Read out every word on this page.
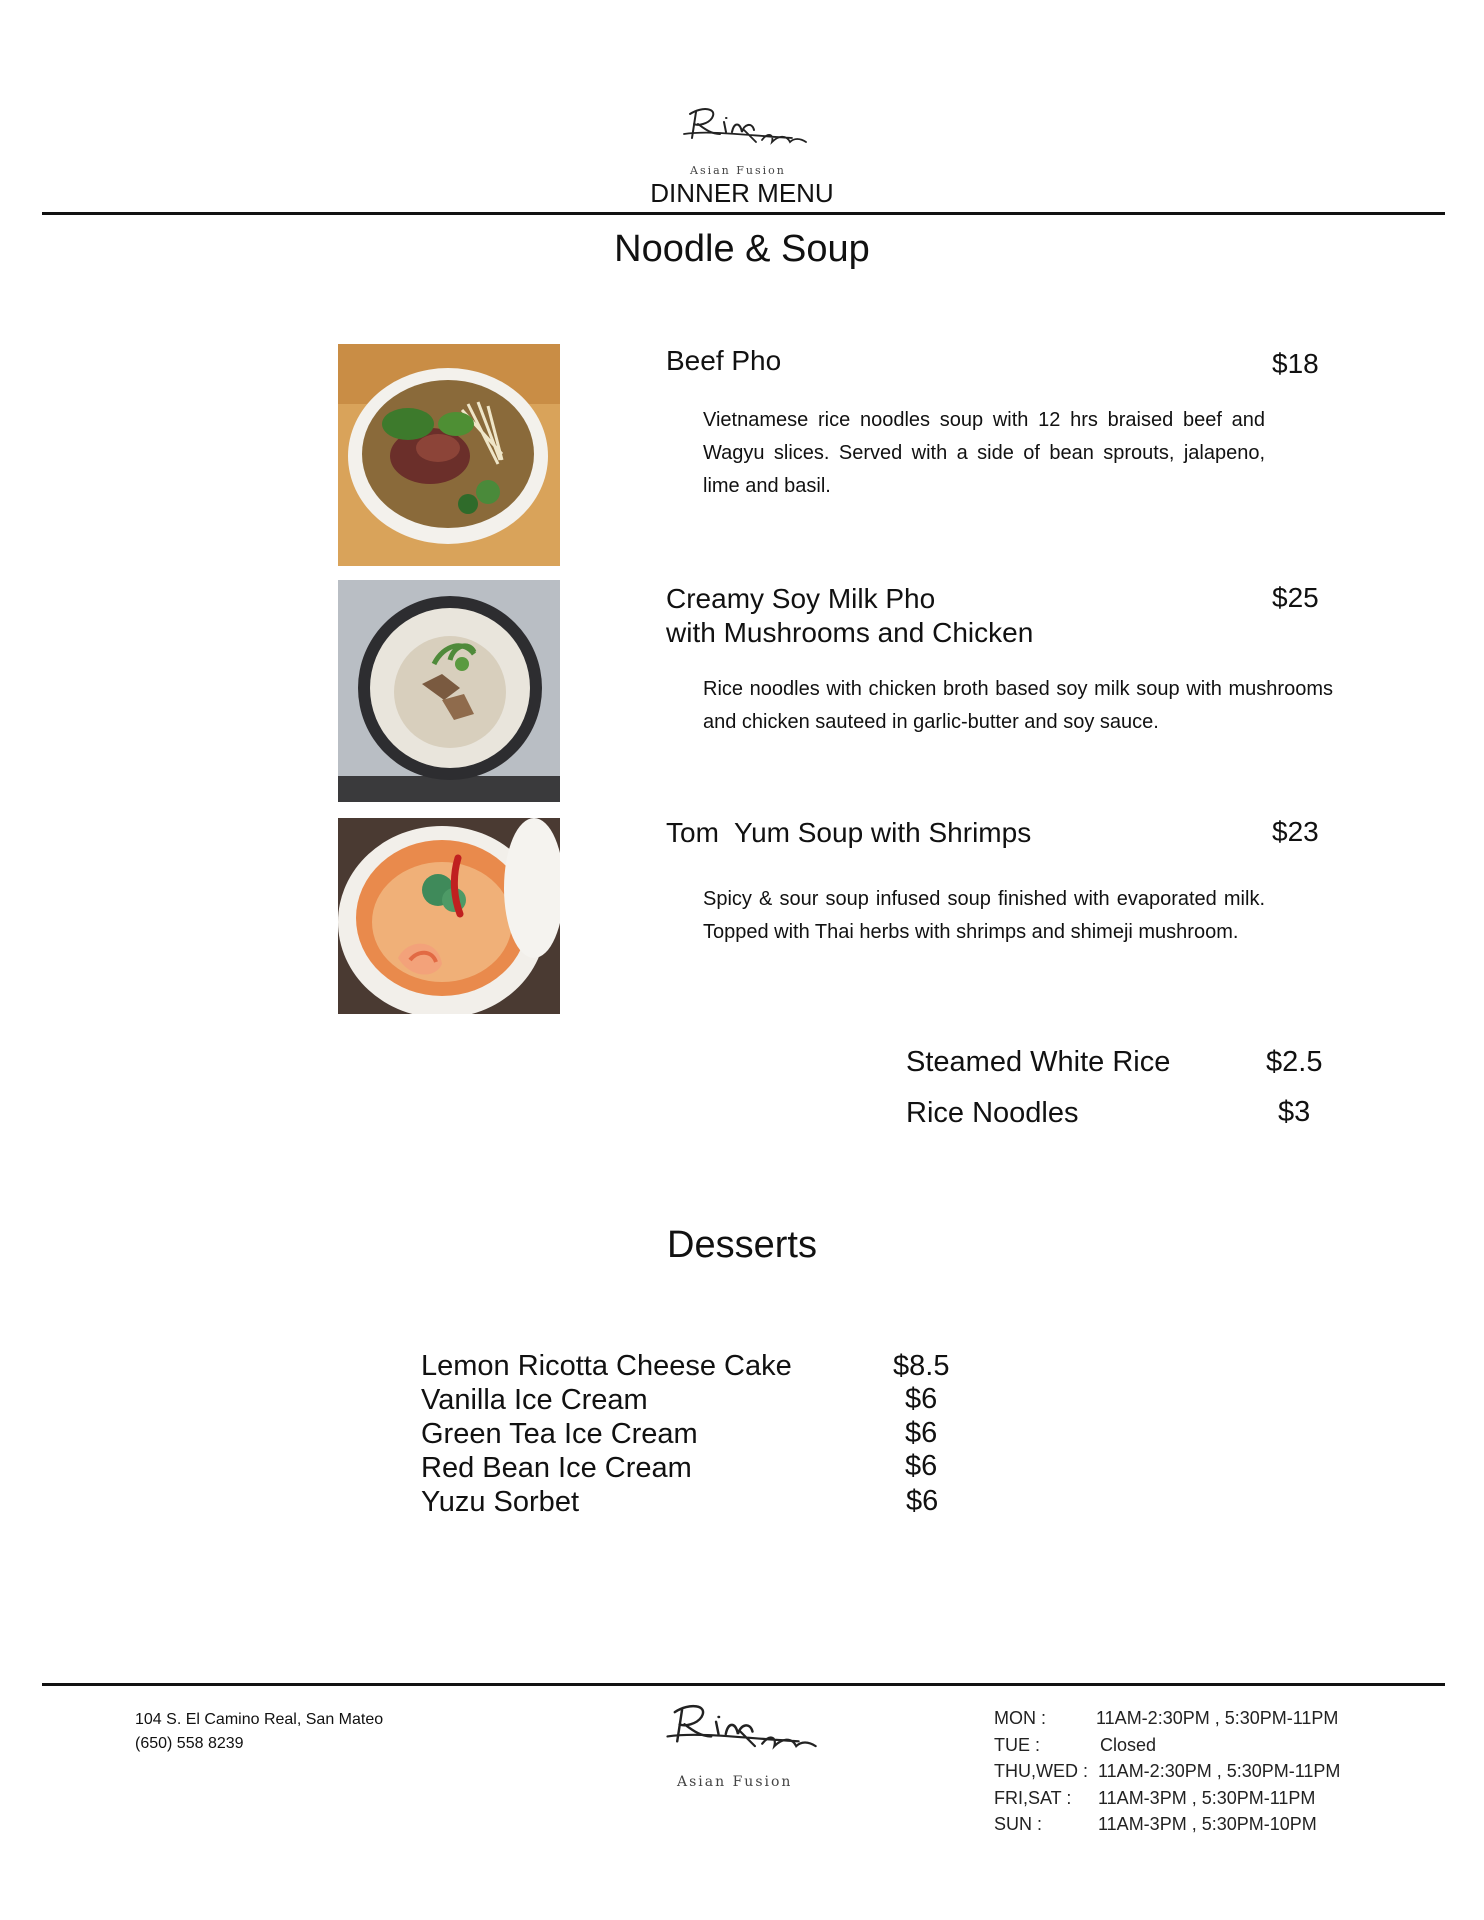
Asian Fusion
DINNER MENU
Noodle & Soup
Beef Pho	$18
Vietnamese rice noodles soup with 12 hrs braised beef and Wagyu slices. Served with a side of bean sprouts, jalapeno, lime and basil.
Creamy Soy Milk Pho
with Mushrooms and Chicken
$25
Rice noodles with chicken broth based soy milk soup with mushrooms and chicken sauteed in garlic-butter and soy sauce.
Tom  Yum Soup with Shrimps	$23
Spicy & sour soup infused soup finished with evaporated milk. Topped with Thai herbs with shrimps and shimeji mushroom.
Steamed White Rice	$2.5
Rice Noodles	$3
Desserts
Lemon Ricotta Cheese Cake	$8.5
Vanilla Ice Cream	$6
Green Tea Ice Cream	$6
Red Bean Ice Cream	$6
Yuzu Sorbet	$6
104 S. El Camino Real, San Mateo
(650) 558 8239
Asian Fusion
MON :	11AM-2:30PM , 5:30PM-11PM
TUE :	Closed
THU,WED : 11AM-2:30PM , 5:30PM-11PM
FRI,SAT : 11AM-3PM , 5:30PM-11PM
SUN :	11AM-3PM , 5:30PM-10PM
